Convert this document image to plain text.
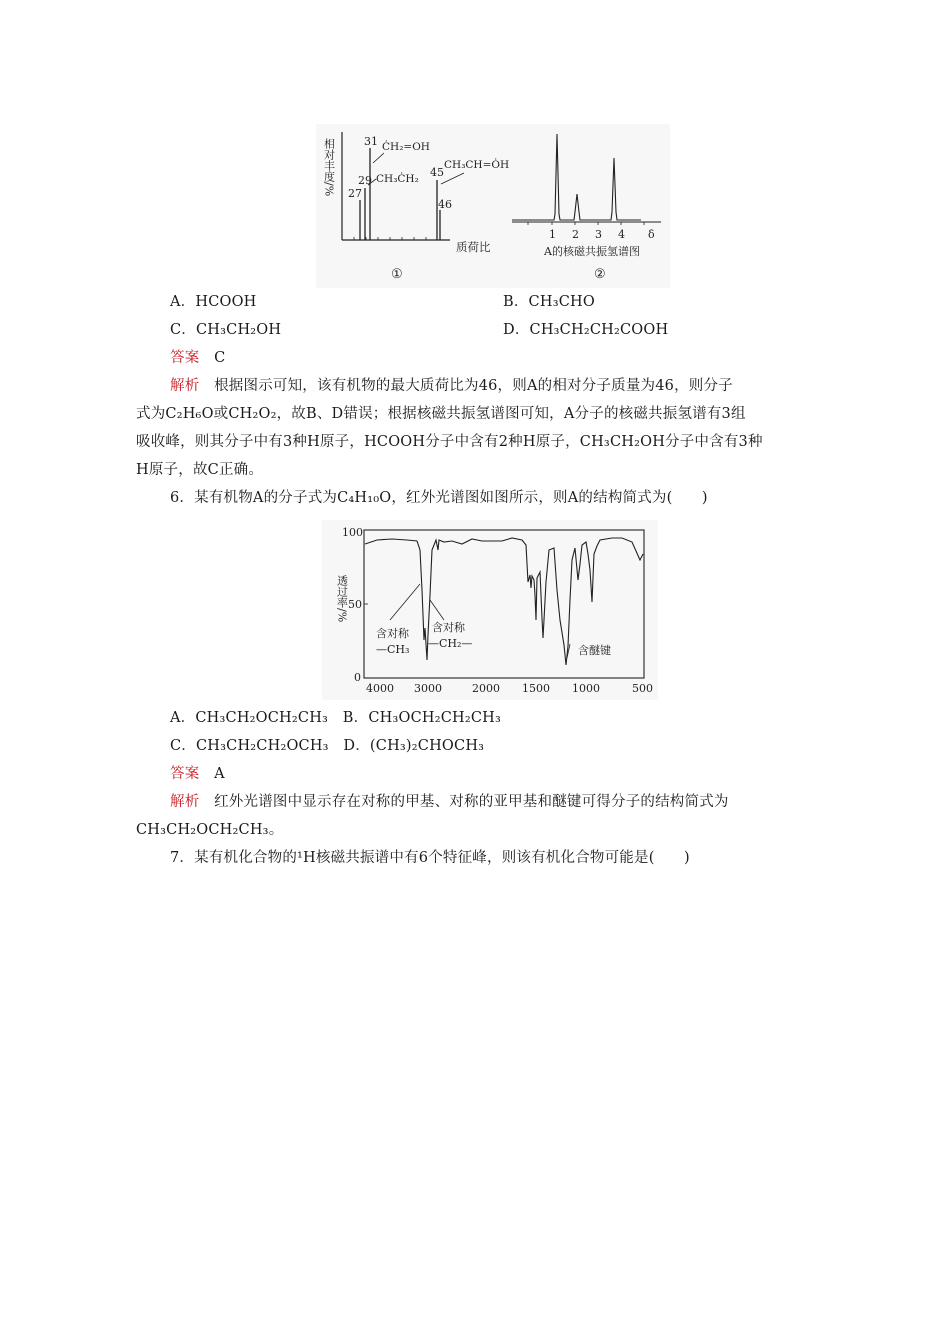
相对丰度/% 27
29
31
45
46
ĊH₂=OH
CH₃ĊH₂
CH₃CH=ȮH
质荷比
①
1 2 3 4 δ
A的核磁共振氢谱图
②
A．HCOOH	B．CH₃CHO
C．CH₃CH₂OH	D．CH₃CH₂CH₂COOH
答案　 C
解析　 根据图示可知，该有机物的最大质荷比为46，则A的相对分子质量为46，则分子
式为C₂H₆O或CH₂O₂，故B、D错误；根据核磁共振氢谱图可知，A分子的核磁共振氢谱有3组
吸收峰，则其分子中有3种H原子，HCOOH分子中含有2种H原子，CH₃CH₂OH分子中含有3种
H原子，故C正确。
6．某有机物A的分子式为C₄H₁₀O，红外光谱图如图所示，则A的结构简式为(　　)
100
50
0
透过率/%
含对称
—CH₃
含对称
—CH₂—
含醚键
4000 3000	2000 1500 1000	500
A．CH₃CH₂OCH₂CH₃　B．CH₃OCH₂CH₂CH₃
C．CH₃CH₂CH₂OCH₃　D．(CH₃)₂CHOCH₃
答案　 A
解析　 红外光谱图中显示存在对称的甲基、对称的亚甲基和醚键可得分子的结构简式为
CH₃CH₂OCH₂CH₃。
7．某有机化合物的¹H核磁共振谱中有6个特征峰，则该有机化合物可能是(　　)
